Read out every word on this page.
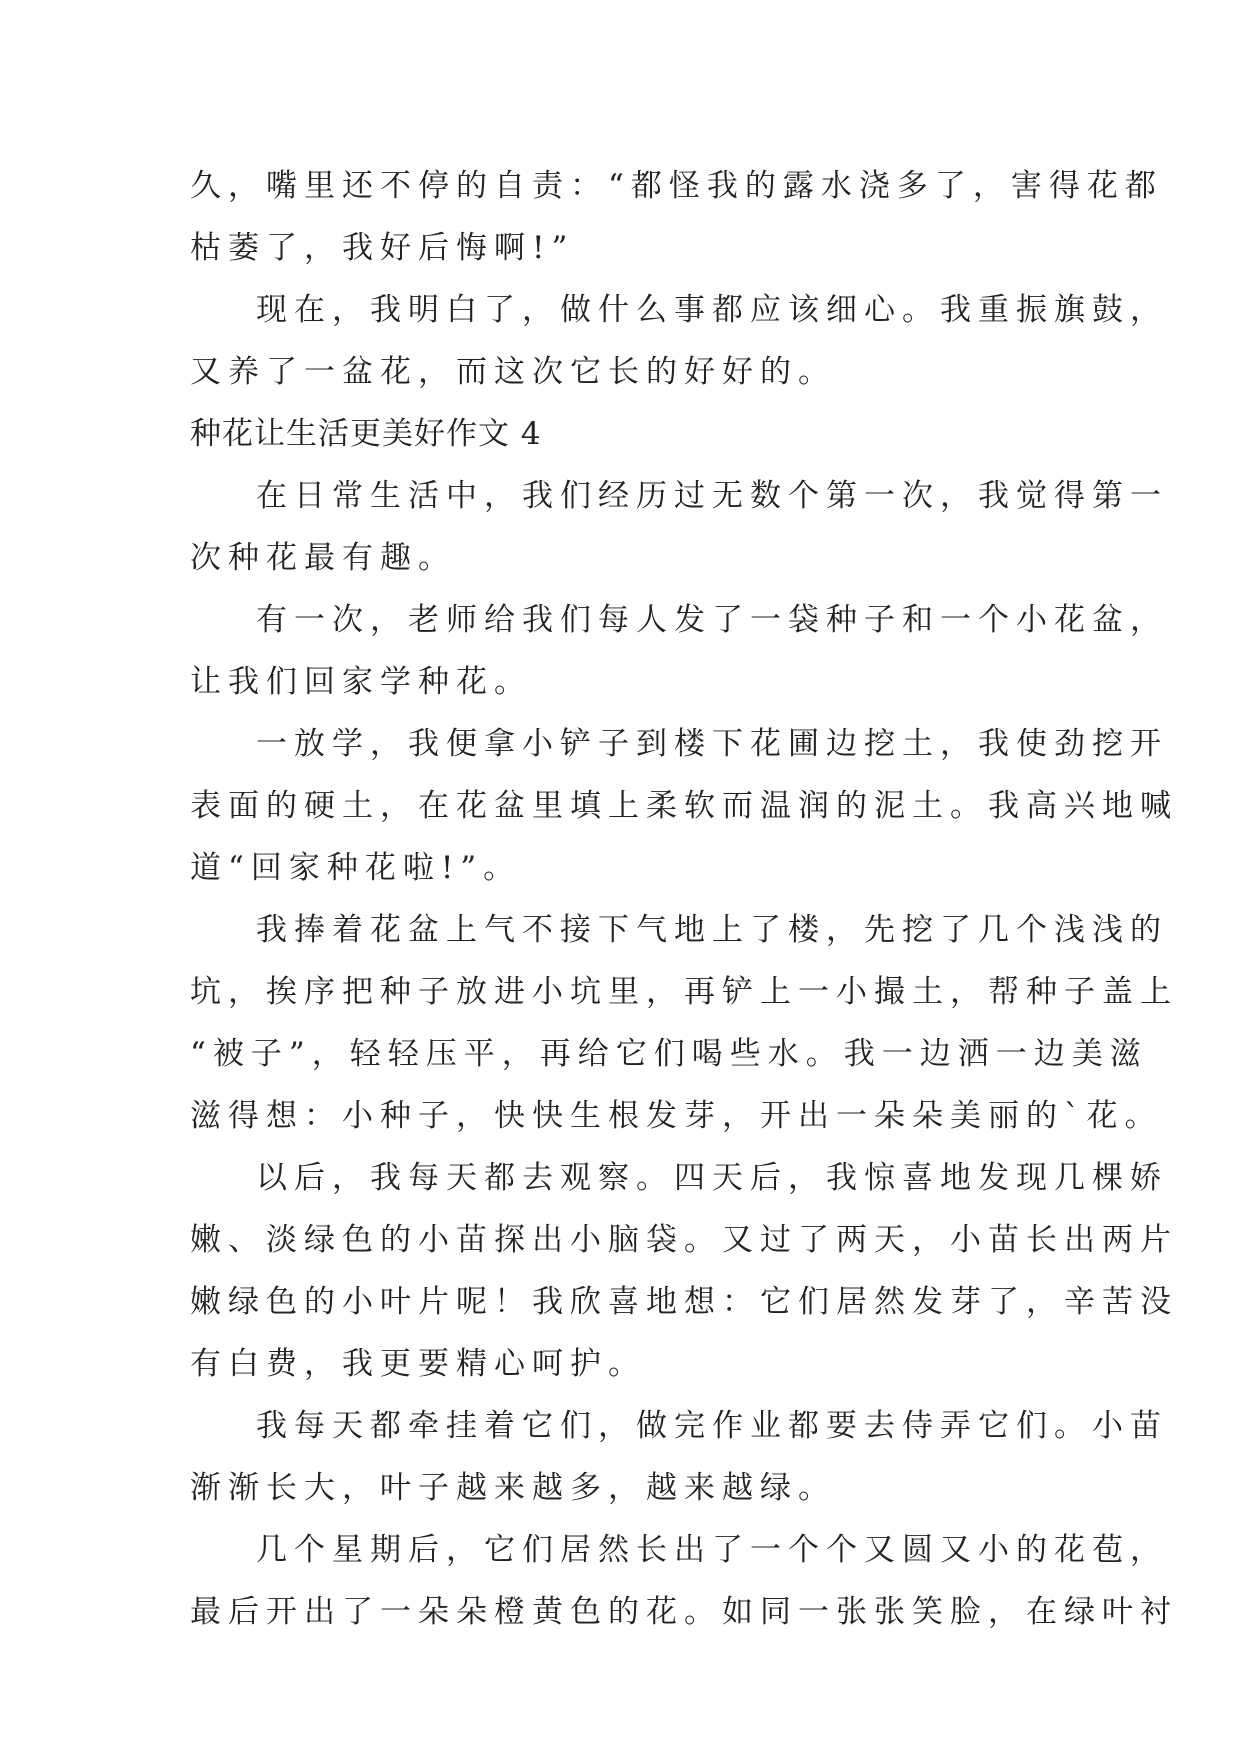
久，嘴里还不停的自责：“都怪我的露水浇多了，害得花都
枯萎了，我好后悔啊!”
现在，我明白了，做什么事都应该细心。我重振旗鼓，
又养了一盆花，而这次它长的好好的。
种花让生活更美好作文 4
在日常生活中，我们经历过无数个第一次，我觉得第一
次种花最有趣。
有一次，老师给我们每人发了一袋种子和一个小花盆，
让我们回家学种花。
一放学，我便拿小铲子到楼下花圃边挖土，我使劲挖开
表面的硬土，在花盆里填上柔软而温润的泥土。我高兴地喊
道“回家种花啦!”。
我捧着花盆上气不接下气地上了楼，先挖了几个浅浅的
坑，挨序把种子放进小坑里，再铲上一小撮土，帮种子盖上
“被子”，轻轻压平，再给它们喝些水。我一边洒一边美滋
滋得想：小种子，快快生根发芽，开出一朵朵美丽的`花。
以后，我每天都去观察。四天后，我惊喜地发现几棵娇
嫩、淡绿色的小苗探出小脑袋。又过了两天，小苗长出两片
嫩绿色的小叶片呢！我欣喜地想：它们居然发芽了，辛苦没
有白费，我更要精心呵护。
我每天都牵挂着它们，做完作业都要去侍弄它们。小苗
渐渐长大，叶子越来越多，越来越绿。
几个星期后，它们居然长出了一个个又圆又小的花苞，
最后开出了一朵朵橙黄色的花。如同一张张笑脸，在绿叶衬
